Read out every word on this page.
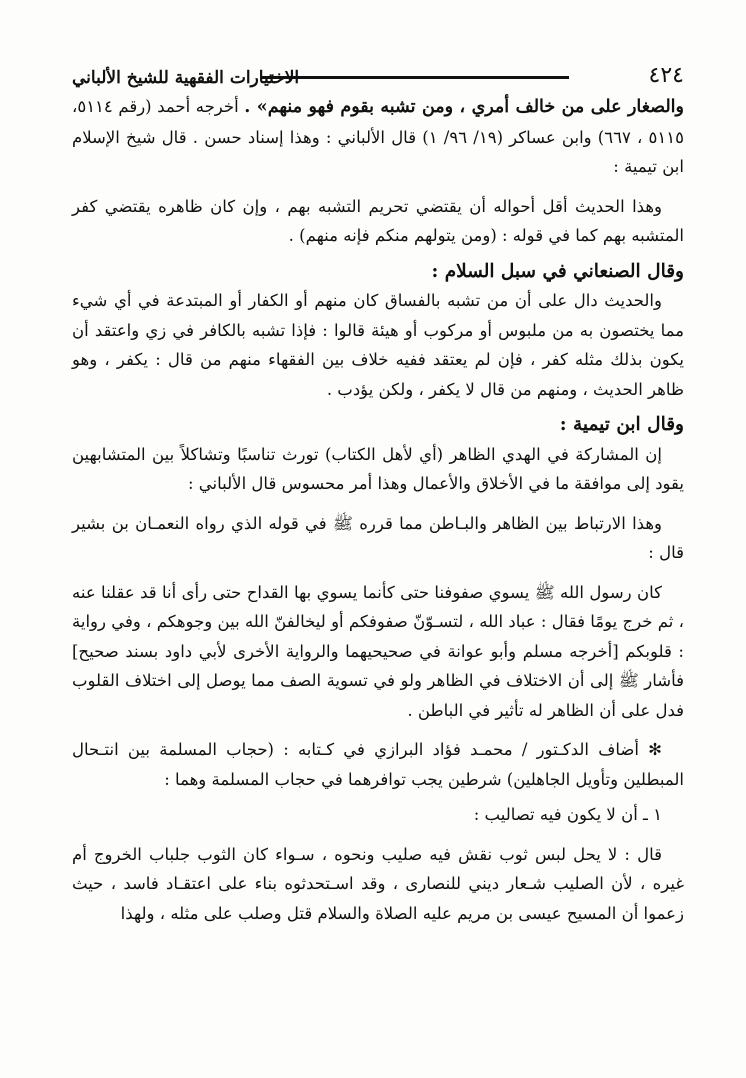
٤٢٤
الاختيارات الفقهية للشيخ الألباني

والصغار على من خالف أمري ، ومن تشبه بقوم فهو منهم» . أخرجه أحمد (رقم ٥١١٤، ٥١١٥ ، ٦٦٧) وابن عساكر (١٩/ ٩٦/ ١) قال الألباني : وهذا إسناد حسن . قال شيخ الإسلام ابن تيمية :

وهذا الحديث أقل أحواله أن يقتضي تحريم التشبه بهم ، وإن كان ظاهره يقتضي كفر المتشبه بهم كما في قوله : (ومن يتولهم منكم فإنه منهم) .

وقال الصنعاني في سبل السلام :

والحديث دال على أن من تشبه بالفساق كان منهم أو الكفار أو المبتدعة في أي شيء مما يختصون به من ملبوس أو مركوب أو هيئة قالوا : فإذا تشبه بالكافر في زي واعتقد أن يكون بذلك مثله كفر ، فإن لم يعتقد ففيه خلاف بين الفقهاء منهم من قال : يكفر ، وهو ظاهر الحديث ، ومنهم من قال لا يكفر ، ولكن يؤدب .

وقال ابن تيمية :

إن المشاركة في الهدي الظاهر (أي لأهل الكتاب) تورث تناسبًا وتشاكلاً بين المتشابهين يقود إلى موافقة ما في الأخلاق والأعمال وهذا أمر محسوس قال الألباني :

وهذا الارتباط بين الظاهر والبـاطن مما قرره ﷺ في قوله الذي رواه النعمـان بن بشير قال :

كان رسول الله ﷺ يسوي صفوفنا حتى كأنما يسوي بها القداح حتى رأى أنا قد عقلنا عنه ، ثم خرج يومًا فقال : عباد الله ، لتسـوّنّ صفوفكم أو ليخالفنّ الله بين وجوهكم ، وفي رواية : قلوبكم [أخرجه مسلم وأبو عوانة في صحيحيهما والرواية الأخرى لأبي داود بسند صحيح] فأشار ﷺ إلى أن الاختلاف في الظاهر ولو في تسوية الصف مما يوصل إلى اختلاف القلوب فدل على أن الظاهر له تأثير في الباطن .

✻ أضاف الدكـتور / محمـد فؤاد البرازي في كـتابه : (حجاب المسلمة بين انتـحال المبطلين وتأويل الجاهلين) شرطين يجب توافرهما في حجاب المسلمة وهما :

١ ـ أن لا يكون فيه تصاليب :

قال : لا يحل لبس ثوب نقش فيه صليب ونحوه ، سـواء كان الثوب جلباب الخروج أم غيره ، لأن الصليب شـعار ديني للنصارى ، وقد اسـتحدثوه بناء على اعتقـاد فاسد ، حيث زعموا أن المسيح عيسى بن مريم عليه الصلاة والسلام قتل وصلب على مثله ، ولهذا
